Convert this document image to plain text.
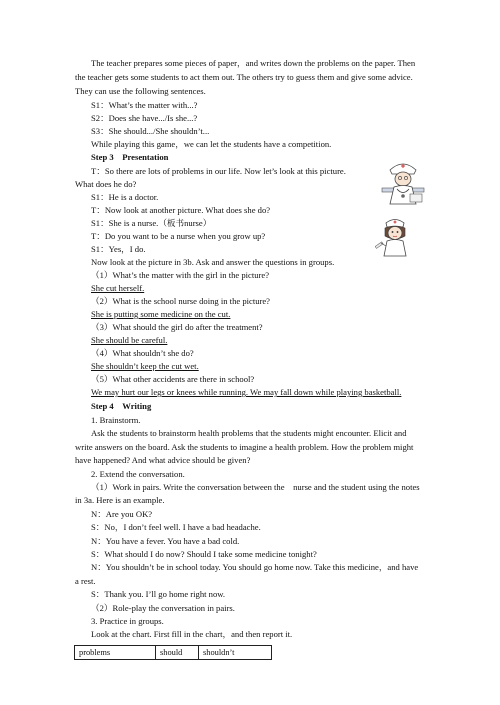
The teacher prepares some pieces of paper，and writes down the problems on the paper. Then
the teacher gets some students to act them out. The others try to guess them and give some advice.
They can use the following sentences.
S1：What’s the matter with...?
S2：Does she have.../Is she...?
S3：She should.../She shouldn’t...
While playing this game，we can let the students have a competition.
Step 3　Presentation
T：So there are lots of problems in our life. Now let’s look at this picture.
What does he do?
S1：He is a doctor.
T：Now look at another picture. What does she do?
S1：She is a nurse.（板书nurse）
T：Do you want to be a nurse when you grow up?
S1：Yes，I do.
Now look at the picture in 3b. Ask and answer the questions in groups.
（1）What’s the matter with the girl in the picture?
She cut herself.
（2）What is the school nurse doing in the picture?
She is putting some medicine on the cut.
（3）What should the girl do after the treatment?
She should be careful.
（4）What shouldn’t she do?
She shouldn’t keep the cut wet.
（5）What other accidents are there in school?
We may hurt our legs or knees while running. We may fall down while playing basketball.
Step 4　Writing
1. Brainstorm.
Ask the students to brainstorm health problems that the students might encounter. Elicit and
write answers on the board. Ask the students to imagine a health problem. How the problem might
have happened? And what advice should be given?
2. Extend the conversation.
（1）Work in pairs. Write the conversation between the　nurse and the student using the notes
in 3a. Here is an example.
N：Are you OK?
S：No，I don’t feel well. I have a bad headache.
N：You have a fever. You have a bad cold.
S：What should I do now? Should I take some medicine tonight?
N：You shouldn’t be in school today. You should go home now. Take this medicine，and have
a rest.
S：Thank you. I’ll go home right now.
（2）Role-play the conversation in pairs.
problems	should	shouldn’t
3. Practice in groups.
Look at the chart. First fill in the chart，and then report it.
